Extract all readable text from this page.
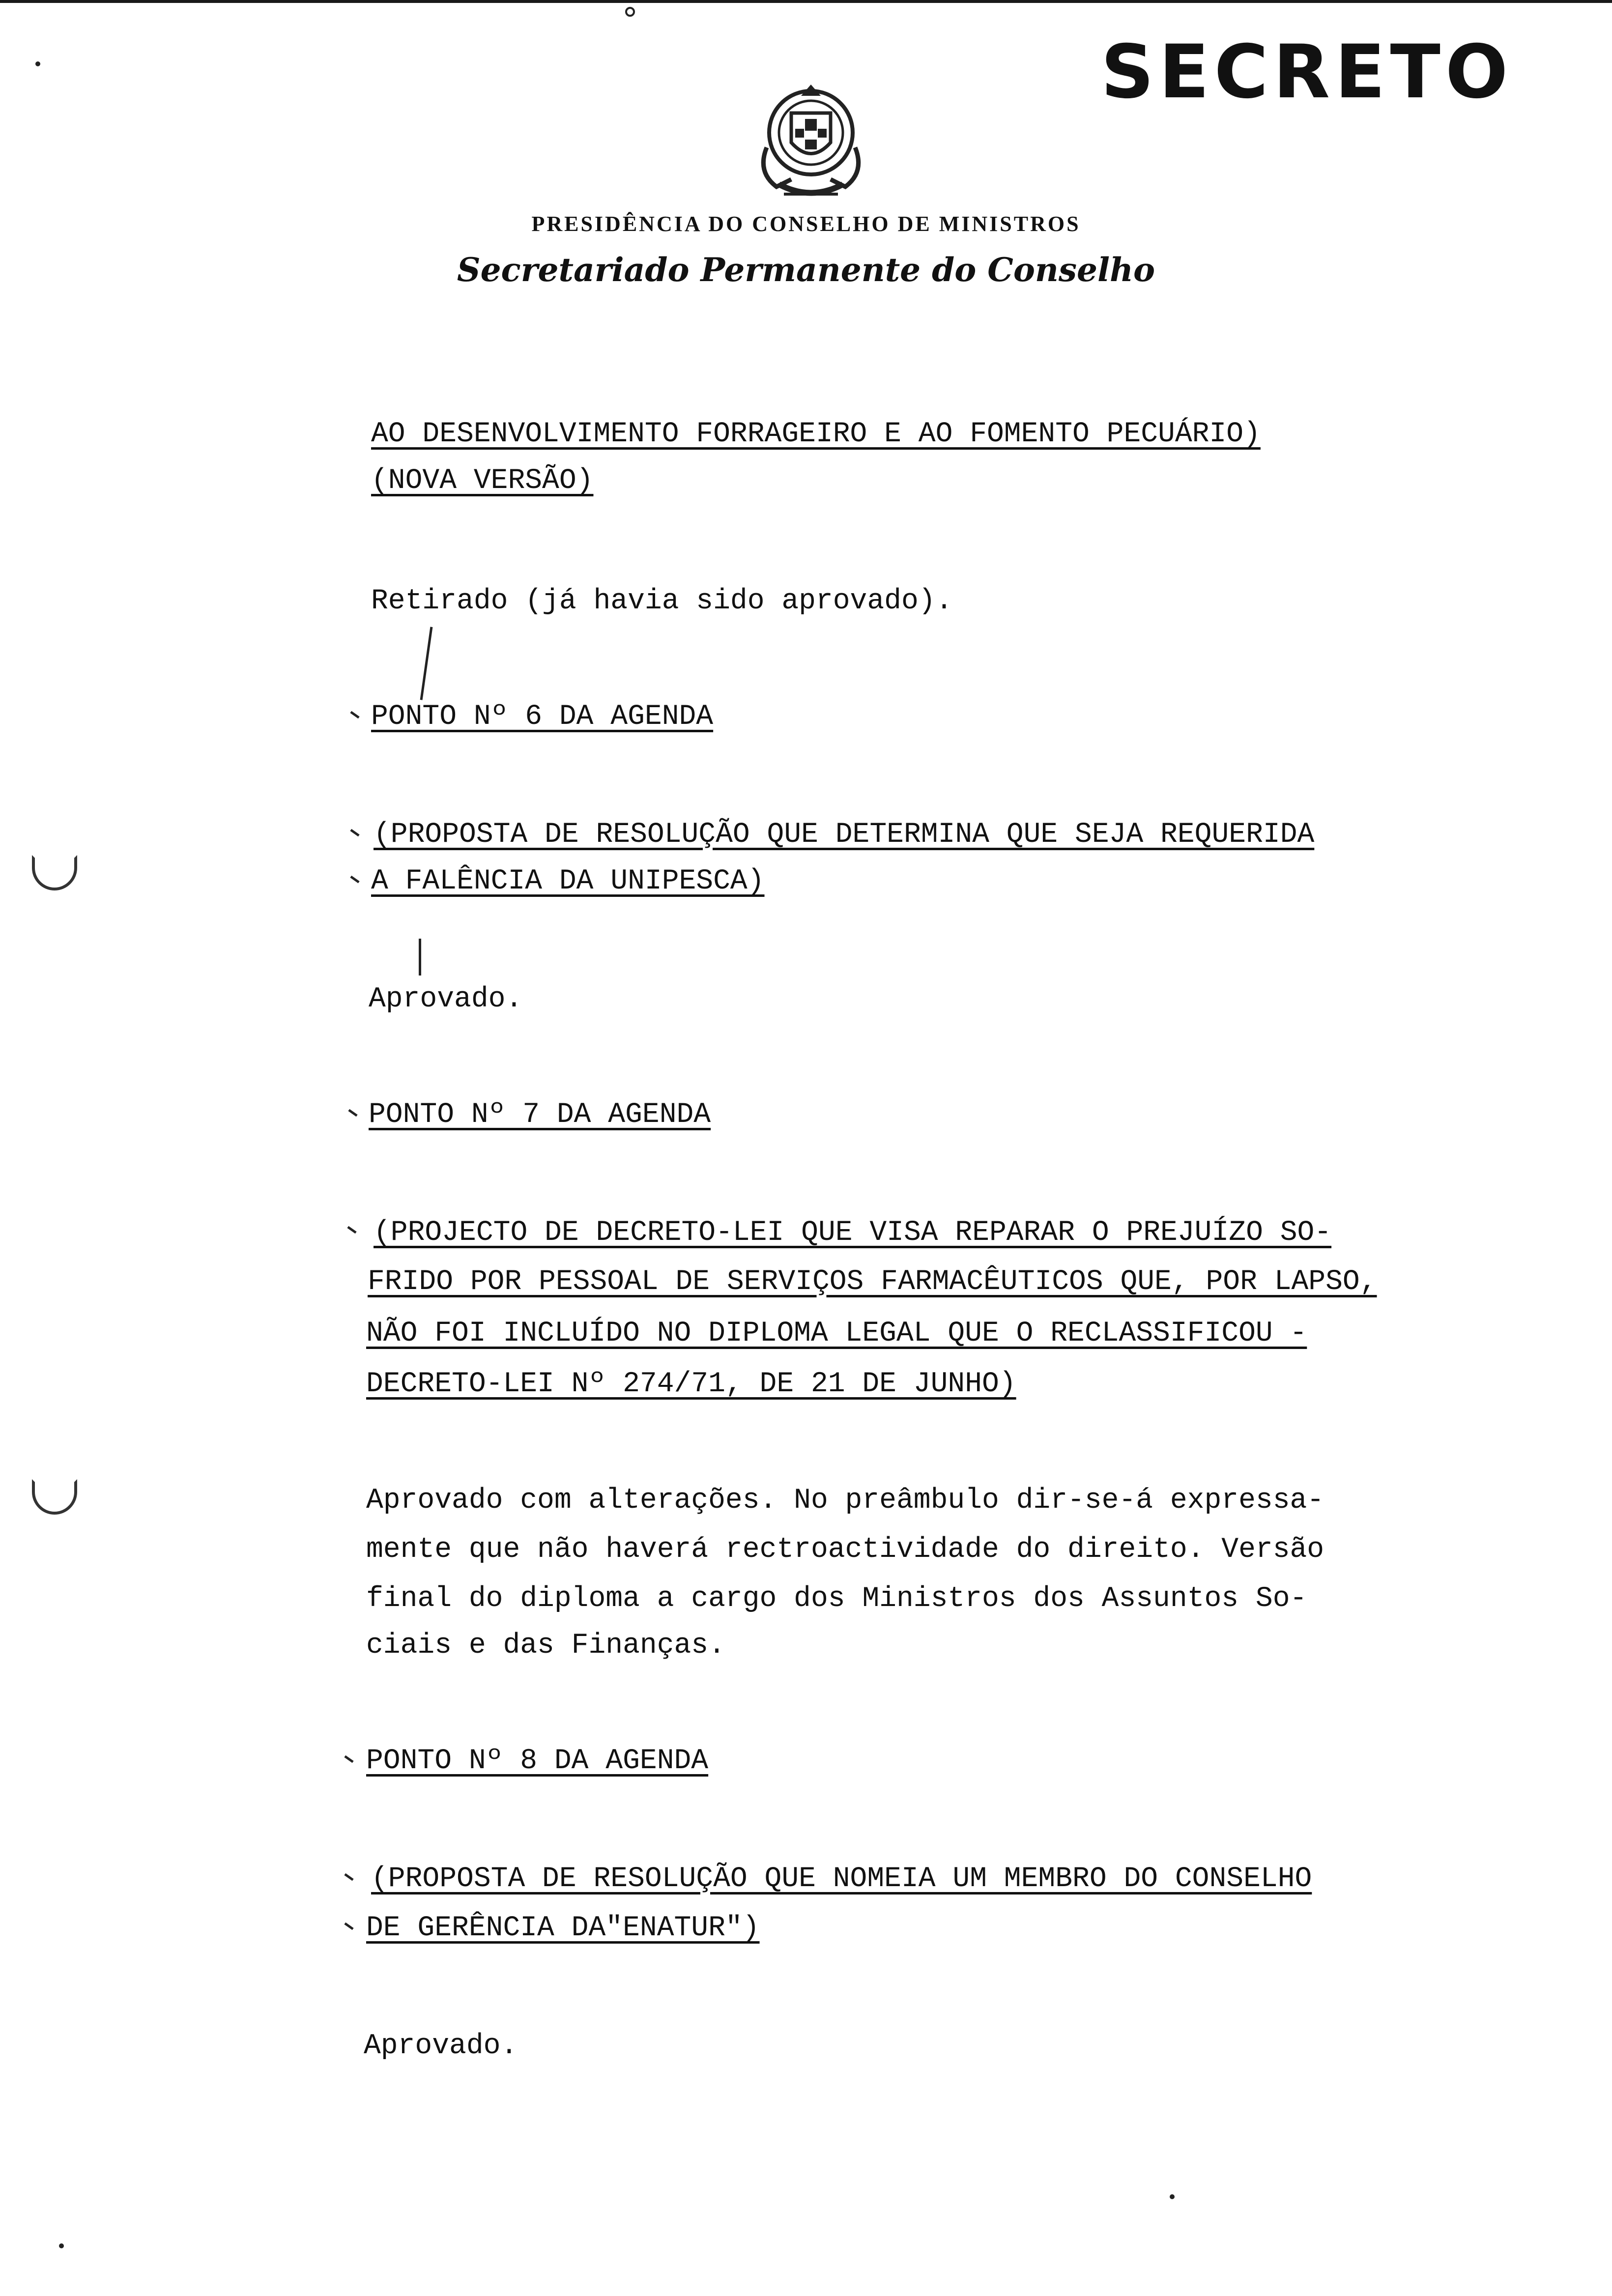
SECRETO
PRESIDÊNCIA DO CONSELHO DE MINISTROS
Secretariado Permanente do Conselho
AO DESENVOLVIMENTO FORRAGEIRO E AO FOMENTO PECUÁRIO)
(NOVA VERSÃO)
Retirado (já havia sido aprovado).
PONTO Nº 6 DA AGENDA
(PROPOSTA DE RESOLUÇÃO QUE DETERMINA QUE SEJA REQUERIDA
A FALÊNCIA DA UNIPESCA)
Aprovado.
PONTO Nº 7 DA AGENDA
(PROJECTO DE DECRETO-LEI QUE VISA REPARAR O PREJUÍZO SO-
FRIDO POR PESSOAL DE SERVIÇOS FARMACÊUTICOS QUE, POR LAPSO,
NÃO FOI INCLUÍDO NO DIPLOMA LEGAL QUE O RECLASSIFICOU -
DECRETO-LEI Nº 274/71, DE 21 DE JUNHO)
Aprovado com alterações. No preâmbulo dir-se-á expressa-
mente que não haverá rectroactividade do direito. Versão
final do diploma a cargo dos Ministros dos Assuntos So-
ciais e das Finanças.
PONTO Nº 8 DA AGENDA
(PROPOSTA DE RESOLUÇÃO QUE NOMEIA UM MEMBRO DO CONSELHO
DE GERÊNCIA DA"ENATUR")
Aprovado.
